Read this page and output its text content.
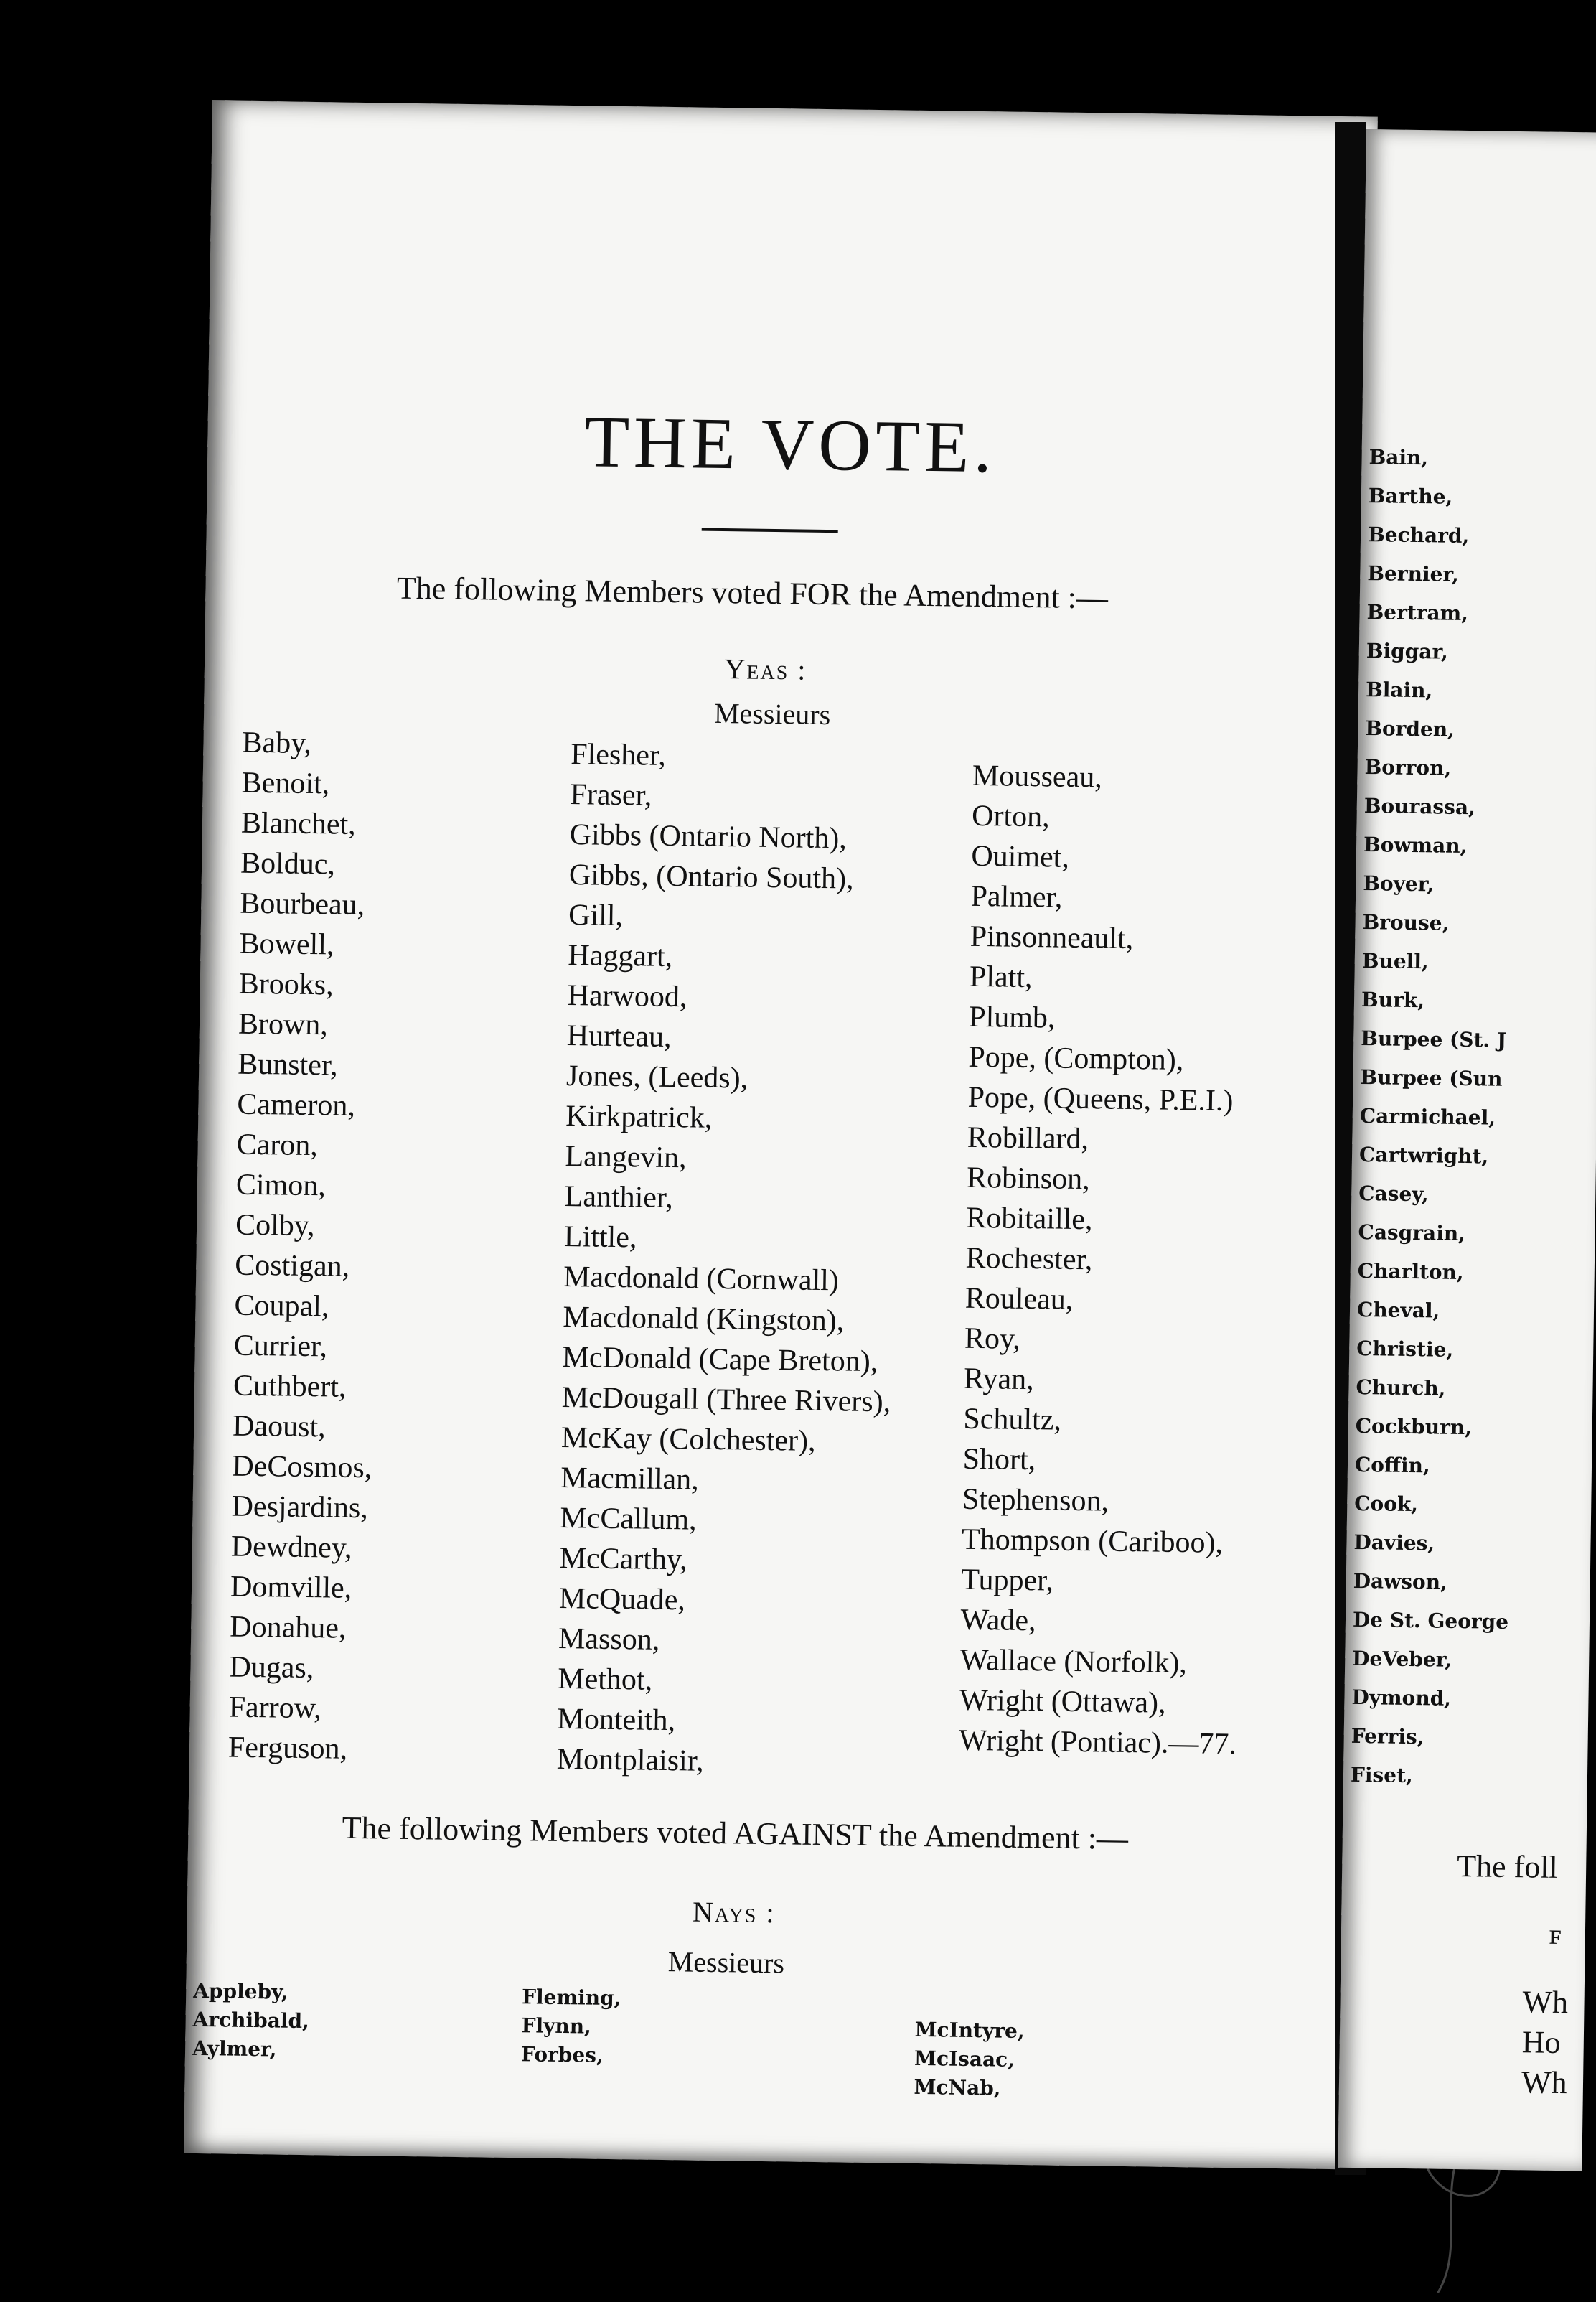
THE VOTE.
The following Members voted FOR the Amendment :—
Yeas :
Messieurs
Baby,
Benoit,
Blanchet,
Bolduc,
Bourbeau,
Bowell,
Brooks,
Brown,
Bunster,
Cameron,
Caron,
Cimon,
Colby,
Costigan,
Coupal,
Currier,
Cuthbert,
Daoust,
DeCosmos,
Desjardins,
Dewdney,
Domville,
Donahue,
Dugas,
Farrow,
Ferguson,
Flesher,
Fraser,
Gibbs (Ontario North),
Gibbs, (Ontario South),
Gill,
Haggart,
Harwood,
Hurteau,
Jones, (Leeds),
Kirkpatrick,
Langevin,
Lanthier,
Little,
Macdonald (Cornwall)
Macdonald (Kingston),
McDonald (Cape Breton),
McDougall (Three Rivers),
McKay (Colchester),
Macmillan,
McCallum,
McCarthy,
McQuade,
Masson,
Methot,
Monteith,
Montplaisir,
Mousseau,
Orton,
Ouimet,
Palmer,
Pinsonneault,
Platt,
Plumb,
Pope, (Compton),
Pope, (Queens, P.E.I.)
Robillard,
Robinson,
Robitaille,
Rochester,
Rouleau,
Roy,
Ryan,
Schultz,
Short,
Stephenson,
Thompson (Cariboo),
Tupper,
Wade,
Wallace (Norfolk),
Wright (Ottawa),
Wright (Pontiac).—77.
The following Members voted AGAINST the Amendment :—
Nays :
Messieurs
Appleby,
Archibald,
Aylmer,
Fleming,
Flynn,
Forbes,
McIntyre,
McIsaac,
McNab,
Bain,
Barthe,
Bechard,
Bernier,
Bertram,
Biggar,
Blain,
Borden,
Borron,
Bourassa,
Bowman,
Boyer,
Brouse,
Buell,
Burk,
Burpee (St. J
Burpee (Sun
Carmichael,
Cartwright,
Casey,
Casgrain,
Charlton,
Cheval,
Christie,
Church,
Cockburn,
Coffin,
Cook,
Davies,
Dawson,
De St. George
DeVeber,
Dymond,
Ferris,
Fiset,
The foll
F
Wh
Ho
Wh
